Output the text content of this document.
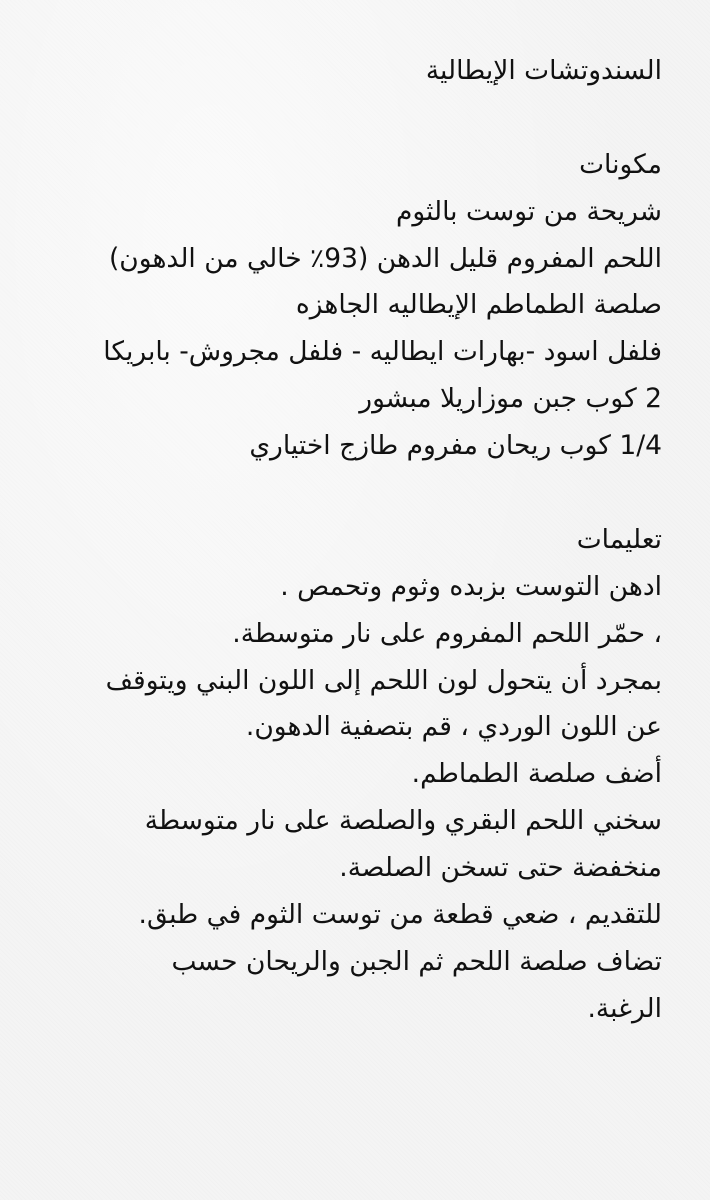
السندوتشات الإيطالية
مكونات
شريحة من توست بالثوم
اللحم المفروم قليل الدهن (93٪ خالي من الدهون)
صلصة الطماطم الإيطاليه الجاهزه
فلفل اسود -بهارات ايطاليه - فلفل مجروش- بابريكا
2 كوب جبن موزاريلا مبشور
1/4 كوب ريحان مفروم طازج اختياري
تعليمات
ادهن التوست بزبده وثوم وتحمص .
، حمّر اللحم المفروم على نار متوسطة.
بمجرد أن يتحول لون اللحم إلى اللون البني ويتوقف
عن اللون الوردي ، قم بتصفية الدهون.
أضف صلصة الطماطم.
سخني اللحم البقري والصلصة على نار متوسطة
منخفضة حتى تسخن الصلصة.
للتقديم ، ضعي قطعة من توست الثوم في طبق.
تضاف صلصة اللحم ثم الجبن والريحان حسب
الرغبة.
